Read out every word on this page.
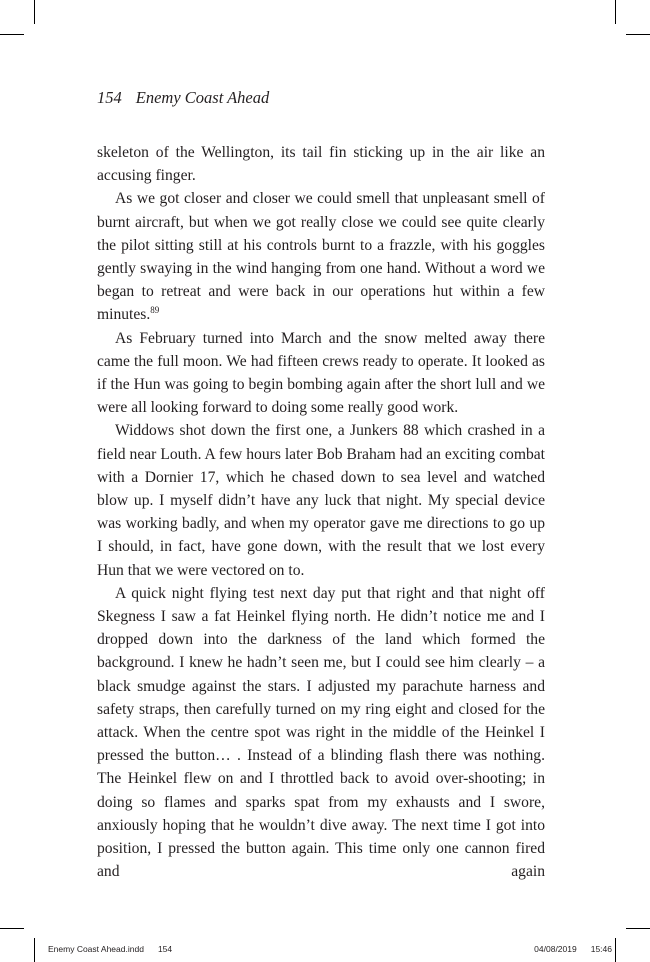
154 Enemy Coast Ahead

skeleton of the Wellington, its tail fin sticking up in the air like an accusing finger.

As we got closer and closer we could smell that unpleasant smell of burnt aircraft, but when we got really close we could see quite clearly the pilot sitting still at his controls burnt to a frazzle, with his goggles gently swaying in the wind hanging from one hand. Without a word we began to retreat and were back in our operations hut within a few minutes.$^{89}$

As February turned into March and the snow melted away there came the full moon. We had fifteen crews ready to operate. It looked as if the Hun was going to begin bombing again after the short lull and we were all looking forward to doing some really good work.

Widdows shot down the first one, a Junkers 88 which crashed in a field near Louth. A few hours later Bob Braham had an exciting combat with a Dornier 17, which he chased down to sea level and watched blow up. I myself didn’t have any luck that night. My special device was working badly, and when my operator gave me directions to go up I should, in fact, have gone down, with the result that we lost every Hun that we were vectored on to.

A quick night flying test next day put that right and that night off Skegness I saw a fat Heinkel flying north. He didn’t notice me and I dropped down into the darkness of the land which formed the background. I knew he hadn’t seen me, but I could see him clearly – a black smudge against the stars. I adjusted my parachute harness and safety straps, then carefully turned on my ring eight and closed for the attack. When the centre spot was right in the middle of the Heinkel I pressed the button… . Instead of a blinding flash there was nothing. The Heinkel flew on and I throttled back to avoid over-shooting; in doing so flames and sparks spat from my exhausts and I swore, anxiously hoping that he wouldn’t dive away. The next time I got into position, I pressed the button again. This time only one cannon fired and again

Enemy Coast Ahead.indd 154	04/08/2019 15:46
